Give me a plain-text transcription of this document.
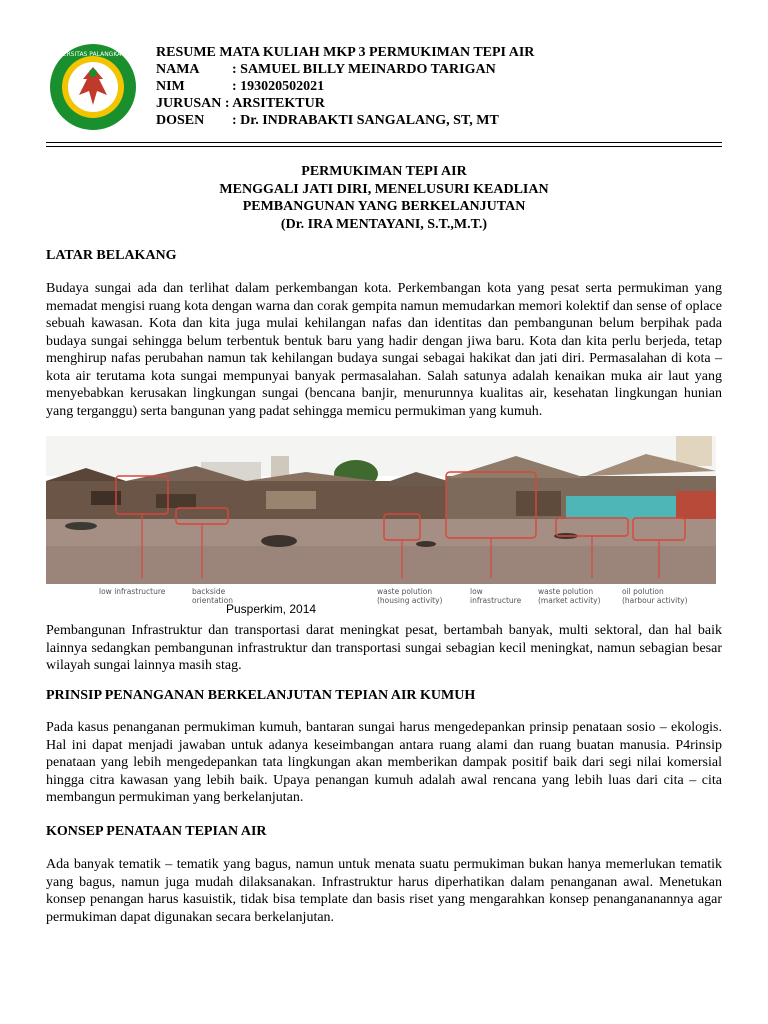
UNIVERSITAS PALANGKA RAYA RESUME MATA KULIAH MKP 3 PERMUKIMAN TEPI AIR
NAMA : SAMUEL BILLY MEINARDO TARIGAN
NIM	: 193020502021
JURUSAN : ARSITEKTUR
DOSEN : Dr. INDRABAKTI SANGALANG, ST, MT
PERMUKIMAN TEPI AIR
MENGGALI JATI DIRI, MENELUSURI KEADLIAN
PEMBANGUNAN YANG BERKELANJUTAN
(Dr. IRA MENTAYANI, S.T.,M.T.)
LATAR BELAKANG
Budaya sungai ada dan terlihat dalam perkembangan kota. Perkembangan kota yang pesat serta permukiman yang memadat mengisi ruang kota dengan warna dan corak gempita namun memudarkan memori kolektif dan sense of oplace sebuah kawasan. Kota dan kita juga mulai kehilangan nafas dan identitas dan pembangunan belum berpihak pada budaya sungai sehingga belum terbentuk bentuk baru yang hadir dengan jiwa baru. Kota dan kita perlu berjeda, tetap menghirup nafas perubahan namun tak kehilangan budaya sungai sebagai hakikat dan jati diri. Permasalahan di kota – kota air terutama kota sungai mempunyai banyak permasalahan. Salah satunya adalah kenaikan muka air laut yang menyebabkan kerusakan lingkungan sungai (bencana banjir, menurunnya kualitas air, kesehatan lingkungan hunian yang terganggu) serta bangunan yang padat sehingga memicu permukiman yang kumuh.
low infrastructure	backside
orientation
waste polution
(housing activity)
low
infrastructure
waste polution
(market activity)
oil polution
(harbour activity)
Pusperkim, 2014
Pembangunan Infrastruktur dan transportasi darat meningkat pesat, bertambah banyak, multi sektoral, dan hal baik lainnya sedangkan pembangunan infrastruktur dan transportasi sungai sebagian kecil meningkat, namun sebagian besar wilayah sungai lainnya masih stag.
PRINSIP PENANGANAN BERKELANJUTAN TEPIAN AIR KUMUH
Pada kasus penanganan permukiman kumuh, bantaran sungai harus mengedepankan prinsip penataan sosio – ekologis. Hal ini dapat menjadi jawaban untuk adanya keseimbangan antara ruang alami dan ruang buatan manusia. P4rinsip penataan yang lebih mengedepankan tata lingkungan akan memberikan dampak positif baik dari segi nilai komersial hingga citra kawasan yang lebih baik. Upaya penangan kumuh adalah awal rencana yang lebih luas dari cita – cita membangun permukiman yang berkelanjutan.
KONSEP PENATAAN TEPIAN AIR
Ada banyak tematik – tematik yang bagus, namun untuk menata suatu permukiman bukan hanya memerlukan tematik yang bagus, namun juga mudah dilaksanakan. Infrastruktur harus diperhatikan dalam penanganan awal. Menetukan konsep penangan harus kasuistik, tidak bisa template dan basis riset yang mengarahkan konsep penangananannya agar permukiman dapat digunakan secara berkelanjutan.
